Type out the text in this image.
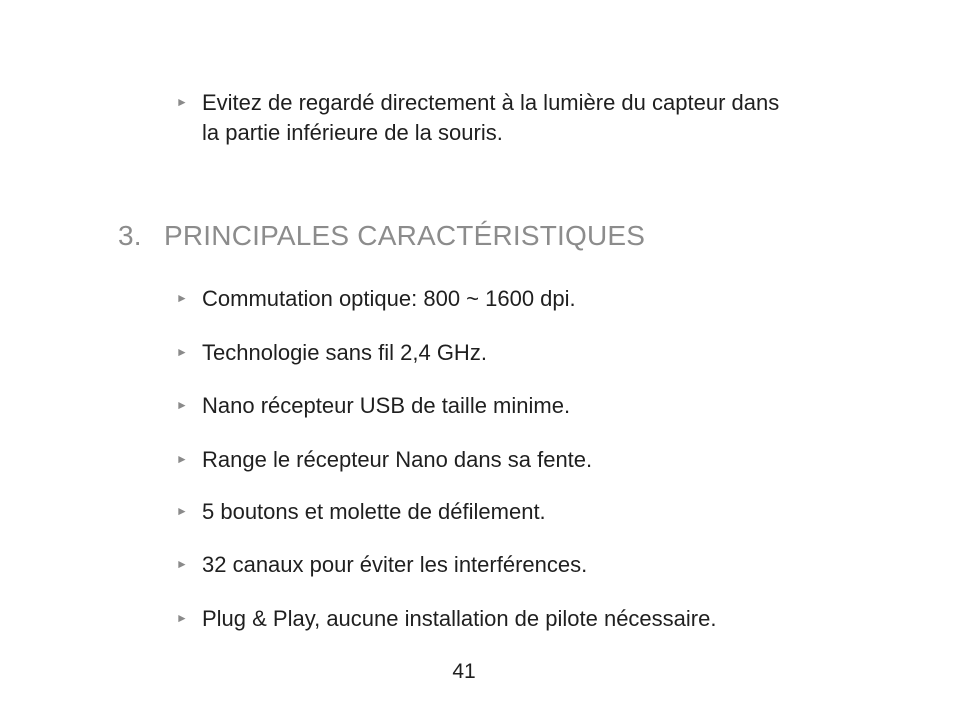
► Evitez de regardé directement à la lumière du capteur dans
la partie inférieure de la souris.
3. PRINCIPALES CARACTÉRISTIQUES
► Commutation optique: 800 ~ 1600 dpi.
► Technologie sans fil 2,4 GHz.
► Nano récepteur USB de taille minime.
► Range le récepteur Nano dans sa fente.
► 5 boutons et molette de défilement.
► 32 canaux pour éviter les interférences.
► Plug & Play, aucune installation de pilote nécessaire.
41
